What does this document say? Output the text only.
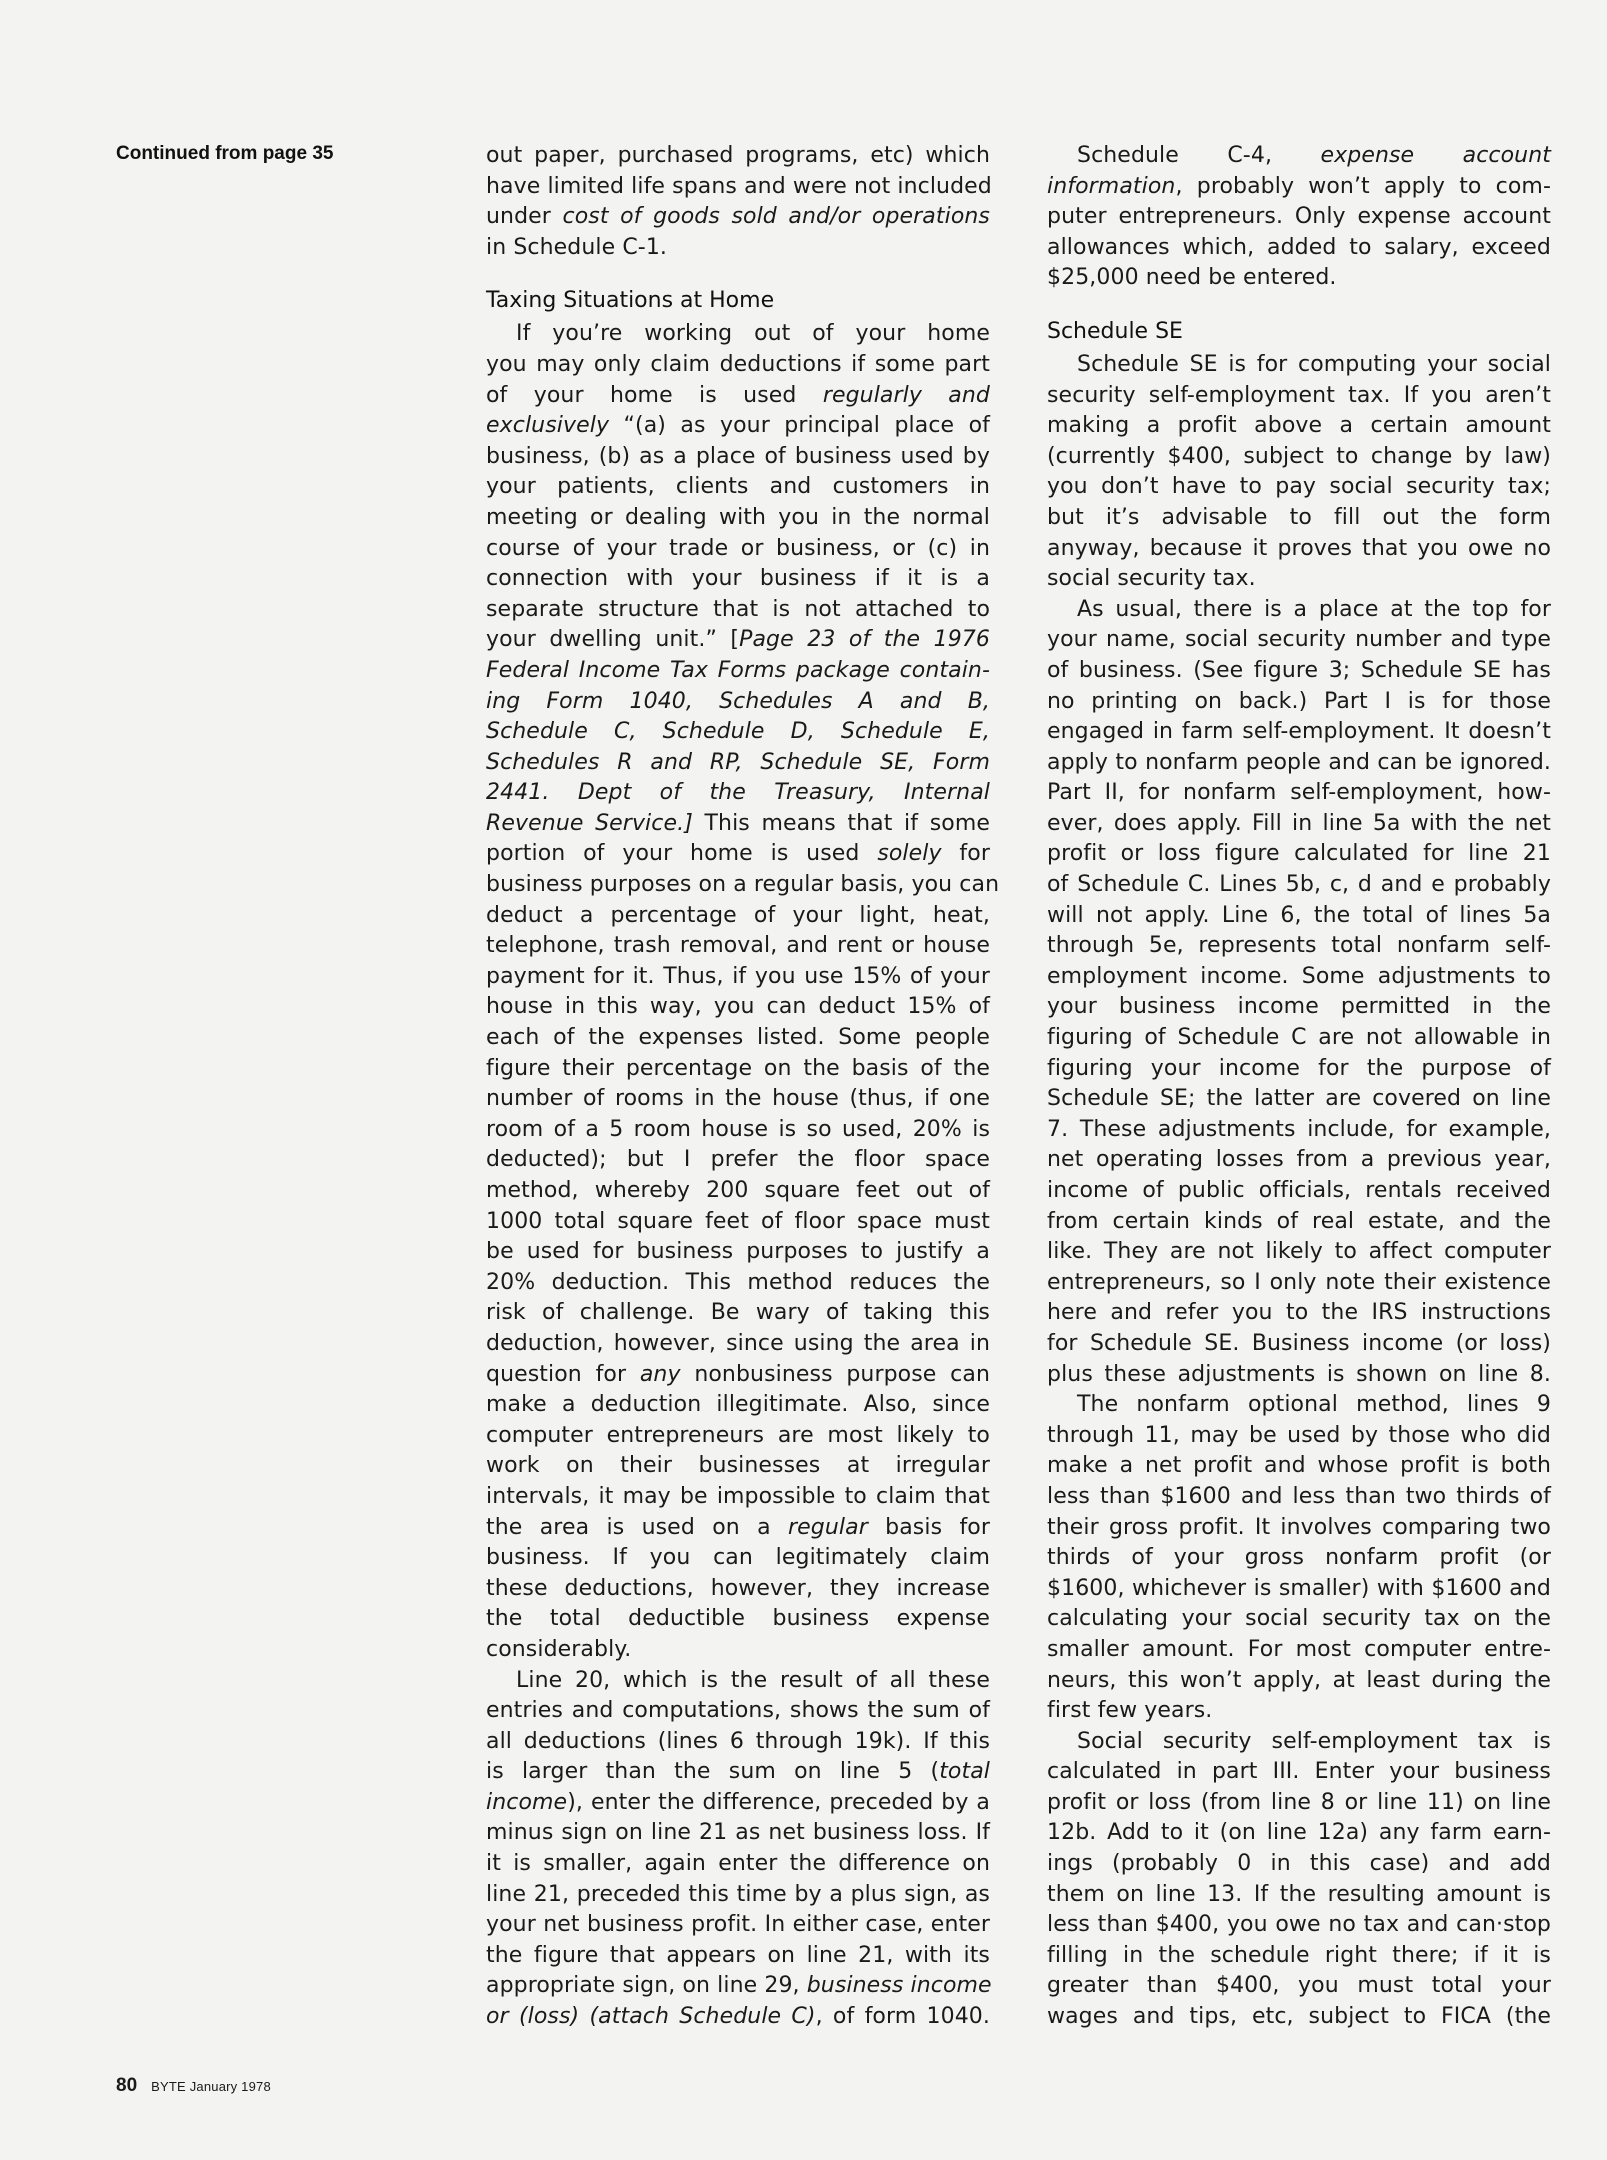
Continued from page 35	out paper, purchased programs, etc) which
have limited life spans and were not included
under cost of goods sold and/or operations
in Schedule C-1.
Taxing Situations at Home
If you’re working out of your home
you may only claim deductions if some part
of your home is used regularly and
exclusively “(a) as your principal place of
business, (b) as a place of business used by
your patients, clients and customers in
meeting or dealing with you in the normal
course of your trade or business, or (c) in
connection with your business if it is a
separate structure that is not attached to
your dwelling unit.” [Page 23 of the 1976
Federal Income Tax Forms package contain-
ing Form 1040, Schedules A and B,
Schedule C, Schedule D, Schedule E,
Schedules R and RP, Schedule SE, Form
2441. Dept of the Treasury, Internal
Revenue Service.] This means that if some
portion of your home is used solely for
business purposes on a regular basis, you can
deduct a percentage of your light, heat,
telephone, trash removal, and rent or house
payment for it. Thus, if you use 15% of your
house in this way, you can deduct 15% of
each of the expenses listed. Some people
figure their percentage on the basis of the
number of rooms in the house (thus, if one
room of a 5 room house is so used, 20% is
deducted); but I prefer the floor space
method, whereby 200 square feet out of
1000 total square feet of floor space must
be used for business purposes to justify a
20% deduction. This method reduces the
risk of challenge. Be wary of taking this
deduction, however, since using the area in
question for any nonbusiness purpose can
make a deduction illegitimate. Also, since
computer entrepreneurs are most likely to
work on their businesses at irregular
intervals, it may be impossible to claim that
the area is used on a regular basis for
business. If you can legitimately claim
these deductions, however, they increase
the total deductible business expense
considerably.
Line 20, which is the result of all these
entries and computations, shows the sum of
all deductions (lines 6 through 19k). If this
is larger than the sum on line 5 (total
income), enter the difference, preceded by a
minus sign on line 21 as net business loss. If
it is smaller, again enter the difference on
line 21, preceded this time by a plus sign, as
your net business profit. In either case, enter
the figure that appears on line 21, with its
appropriate sign, on line 29, business income
or (loss) (attach Schedule C), of form 1040.
Schedule C-4, expense account
information, probably won’t apply to com-
puter entrepreneurs. Only expense account
allowances which, added to salary, exceed
$25,000 need be entered.
Schedule SE
Schedule SE is for computing your social
security self-employment tax. If you aren’t
making a profit above a certain amount
(currently $400, subject to change by law)
you don’t have to pay social security tax;
but it’s advisable to fill out the form
anyway, because it proves that you owe no
social security tax.
As usual, there is a place at the top for
your name, social security number and type
of business. (See figure 3; Schedule SE has
no printing on back.) Part I is for those
engaged in farm self-employment. It doesn’t
apply to nonfarm people and can be ignored.
Part II, for nonfarm self-employment, how-
ever, does apply. Fill in line 5a with the net
profit or loss figure calculated for line 21
of Schedule C. Lines 5b, c, d and e probably
will not apply. Line 6, the total of lines 5a
through 5e, represents total nonfarm self-
employment income. Some adjustments to
your business income permitted in the
figuring of Schedule C are not allowable in
figuring your income for the purpose of
Schedule SE; the latter are covered on line
7. These adjustments include, for example,
net operating losses from a previous year,
income of public officials, rentals received
from certain kinds of real estate, and the
like. They are not likely to affect computer
entrepreneurs, so I only note their existence
here and refer you to the IRS instructions
for Schedule SE. Business income (or loss)
plus these adjustments is shown on line 8.
The nonfarm optional method, lines 9
through 11, may be used by those who did
make a net profit and whose profit is both
less than $1600 and less than two thirds of
their gross profit. It involves comparing two
thirds of your gross nonfarm profit (or
$1600, whichever is smaller) with $1600 and
calculating your social security tax on the
smaller amount. For most computer entre-
neurs, this won’t apply, at least during the
first few years.
Social security self-employment tax is
calculated in part III. Enter your business
profit or loss (from line 8 or line 11) on line
12b. Add to it (on line 12a) any farm earn-
ings (probably 0 in this case) and add
them on line 13. If the resulting amount is
less than $400, you owe no tax and can·stop
filling in the schedule right there; if it is
greater than $400, you must total your
wages and tips, etc, subject to FICA (the
80 BYTE January 1978
